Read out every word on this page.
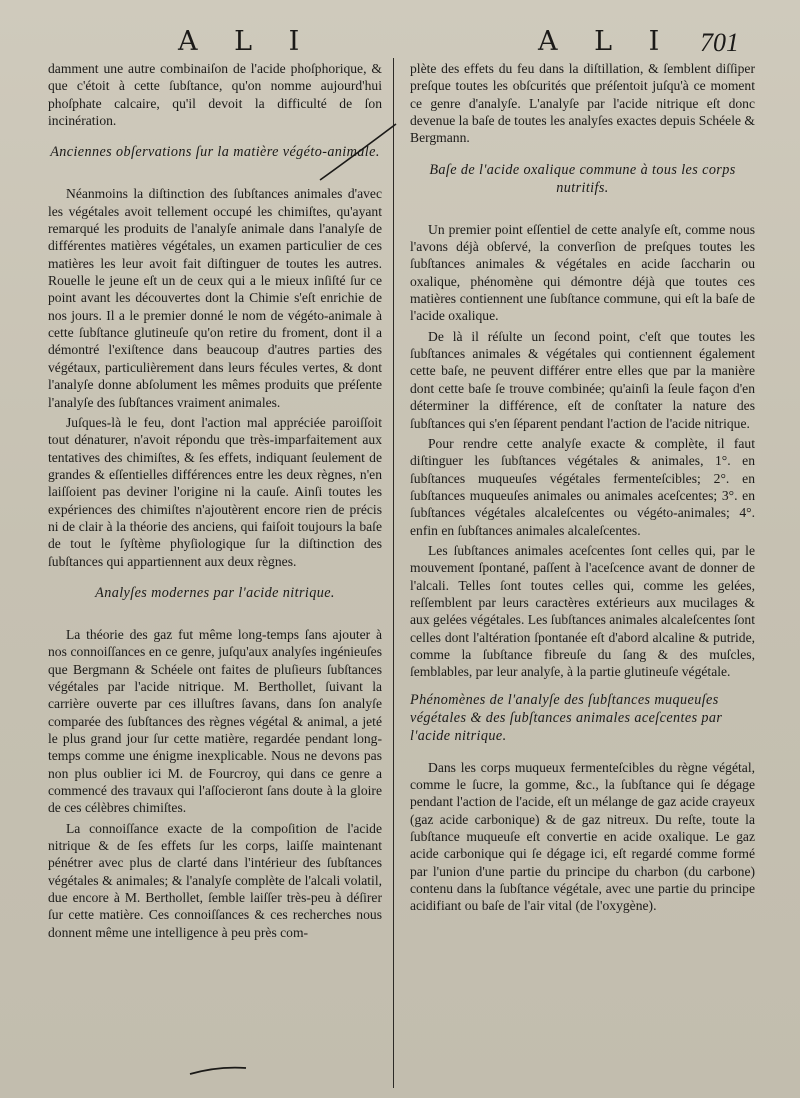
A L I	A L I 701

damment une autre combinaiſon de l'acide phoſphorique, & que c'étoit à cette ſubſtance, qu'on nomme aujourd'hui phoſphate calcaire, qu'il devoit la difficulté de ſon incinération.

Anciennes obſervations ſur la matière végéto-animale.

Néanmoins la diſtinction des ſubſtances animales d'avec les végétales avoit tellement occupé les chimiſtes, qu'ayant remarqué les produits de l'analyſe animale dans l'analyſe de différentes matières végétales, un examen particulier de ces matières les leur avoit fait diſtinguer de toutes les autres. Rouelle le jeune eſt un de ceux qui a le mieux inſiſté ſur ce point avant les découvertes dont la Chimie s'eſt enrichie de nos jours. Il a le premier donné le nom de végéto-animale à cette ſubſtance glutineuſe qu'on retire du froment, dont il a démontré l'exiſtence dans beaucoup d'autres parties des végétaux, particulièrement dans leurs fécules vertes, & dont l'analyſe donne abſolument les mêmes produits que préſente l'analyſe des ſubſtances vraiment animales.

Juſques-là le feu, dont l'action mal appréciée paroiſſoit tout dénaturer, n'avoit répondu que très-imparfaitement aux tentatives des chimiſtes, & ſes effets, indiquant ſeulement de grandes & eſſentielles différences entre les deux règnes, n'en laiſſoient pas deviner l'origine ni la cauſe. Ainſi toutes les expériences des chimiſtes n'ajoutèrent encore rien de précis ni de clair à la théorie des anciens, qui faiſoit toujours la baſe de tout le ſyſtème phyſiologique ſur la diſtinction des ſubſtances qui appartiennent aux deux règnes.

Analyſes modernes par l'acide nitrique.

La théorie des gaz fut même long-temps ſans ajouter à nos connoiſſances en ce genre, juſqu'aux analyſes ingénieuſes que Bergmann & Schéele ont faites de pluſieurs ſubſtances végétales par l'acide nitrique. M. Berthollet, ſuivant la carrière ouverte par ces illuſtres ſavans, dans ſon analyſe comparée des ſubſtances des règnes végétal & animal, a jeté le plus grand jour ſur cette matière, regardée pendant long-temps comme une énigme inexplicable. Nous ne devons pas non plus oublier ici M. de Fourcroy, qui dans ce genre a commencé des travaux qui l'aſſocieront ſans doute à la gloire de ces célèbres chimiſtes.

La connoiſſance exacte de la compoſition de l'acide nitrique & de ſes effets ſur les corps, laiſſe maintenant pénétrer avec plus de clarté dans l'intérieur des ſubſtances végétales & animales; & l'analyſe complète de l'alcali volatil, due encore à M. Berthollet, ſemble laiſſer très-peu à déſirer ſur cette matière. Ces connoiſſances & ces recherches nous donnent même une intelligence à peu près com-

plète des effets du feu dans la diſtillation, & ſemblent diſſiper preſque toutes les obſcurités que préſentoit juſqu'à ce moment ce genre d'analyſe. L'analyſe par l'acide nitrique eſt donc devenue la baſe de toutes les analyſes exactes depuis Schéele & Bergmann.

Baſe de l'acide oxalique commune à tous les corps nutritifs.

Un premier point eſſentiel de cette analyſe eſt, comme nous l'avons déjà obſervé, la converſion de preſques toutes les ſubſtances animales & végétales en acide ſaccharin ou oxalique, phénomène qui démontre déjà que toutes ces matières contiennent une ſubſtance commune, qui eſt la baſe de l'acide oxalique.

De là il réſulte un ſecond point, c'eſt que toutes les ſubſtances animales & végétales qui contiennent également cette baſe, ne peuvent différer entre elles que par la manière dont cette baſe ſe trouve combinée; qu'ainſi la ſeule façon d'en déterminer la différence, eſt de conſtater la nature des ſubſtances qui s'en ſéparent pendant l'action de l'acide nitrique.

Pour rendre cette analyſe exacte & complète, il faut diſtinguer les ſubſtances végétales & animales, 1°. en ſubſtances muqueuſes végétales fermenteſcibles; 2°. en ſubſtances muqueuſes animales ou animales aceſcentes; 3°. en ſubſtances végétales alcaleſcentes ou végéto-animales; 4°. enfin en ſubſtances animales alcaleſcentes.

Les ſubſtances animales aceſcentes ſont celles qui, par le mouvement ſpontané, paſſent à l'aceſcence avant de donner de l'alcali. Telles ſont toutes celles qui, comme les gelées, reſſemblent par leurs caractères extérieurs aux mucilages & aux gelées végétales. Les ſubſtances animales alcaleſcentes ſont celles dont l'altération ſpontanée eſt d'abord alcaline & putride, comme la ſubſtance fibreuſe du ſang & des muſcles, ſemblables, par leur analyſe, à la partie glutineuſe végétale.

Phénomènes de l'analyſe des ſubſtances muqueuſes végétales & des ſubſtances animales aceſcentes par l'acide nitrique.

Dans les corps muqueux fermenteſcibles du règne végétal, comme le ſucre, la gomme, &c., la ſubſtance qui ſe dégage pendant l'action de l'acide, eſt un mélange de gaz acide crayeux (gaz acide carbonique) & de gaz nitreux. Du reſte, toute la ſubſtance muqueuſe eſt convertie en acide oxalique. Le gaz acide carbonique qui ſe dégage ici, eſt regardé comme formé par l'union d'une partie du principe du charbon (du carbone) contenu dans la ſubſtance végétale, avec une partie du principe acidifiant ou baſe de l'air vital (de l'oxygène).
